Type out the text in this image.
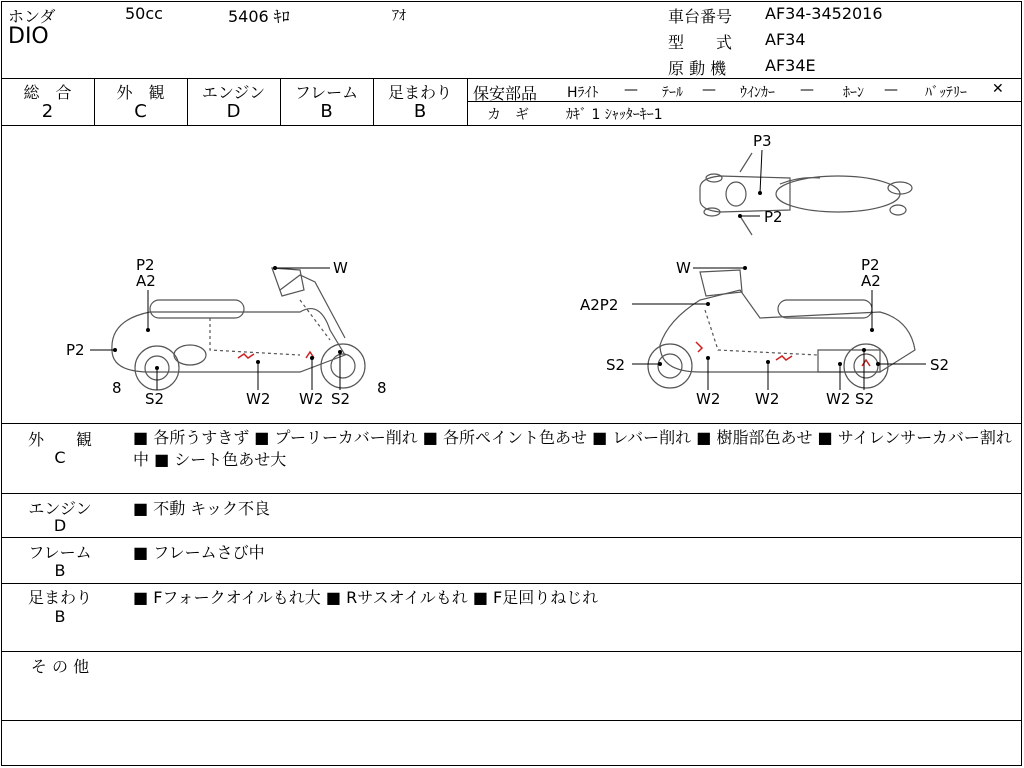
ホンダ	50cc	5406 ｷﾛ	ｱｵ
DIO
車台番号 AF34-3452016
型　　式 AF34
原 動 機 AF34E
総　合
2
外　観
C
エンジン
D
フレーム
B
足まわり
B
保安部品 Hﾗｲﾄ — ﾃｰﾙ — ｳｲﾝｶｰ — ﾎｰﾝ — ﾊﾞｯﾃﾘｰ ✕
カ　ギ	ｶｷﾞ 1 ｼｬｯﾀｰｷｰ1
P3
P2
P2
A2
W
P2
8	8
S2	W2 W2 S2
W	P2
A2
A2P2
S2	S2
W2 W2	W2 S2
外　　観
C
■ 各所うすきず ■ プーリーカバー削れ ■ 各所ペイント色あせ ■ レバー削れ ■ 樹脂部色あせ ■ サイレンサーカバー割れ中 ■ シート色あせ大
エンジン
D
■ 不動 キック不良
フレーム
B
■ フレームさび中
足まわり
B
■ Fフォークオイルもれ大 ■ Rサスオイルもれ ■ F足回りねじれ
そ の 他
